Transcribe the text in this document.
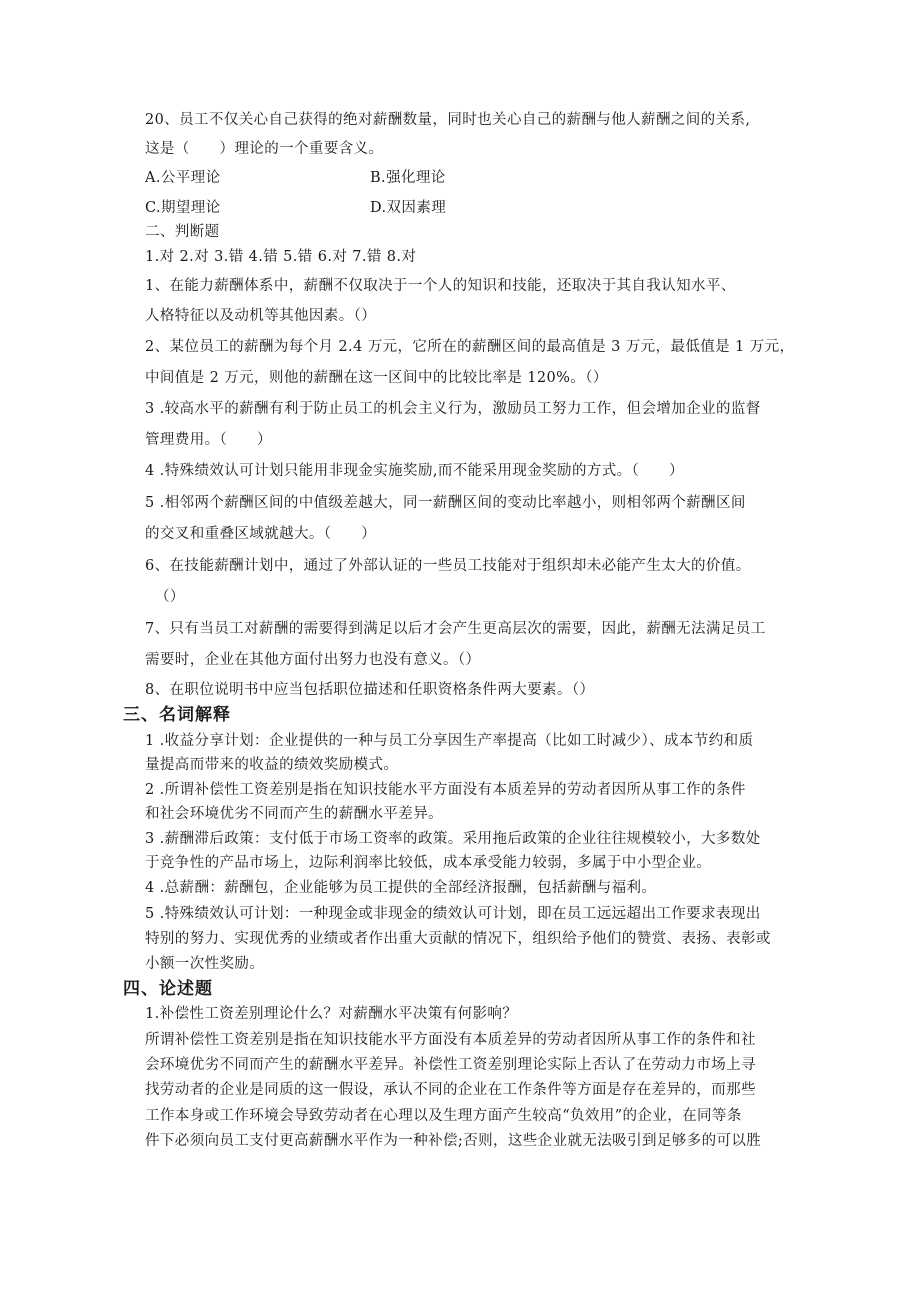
20、员工不仅关心自己获得的绝对薪酬数量，同时也关心自己的薪酬与他人薪酬之间的关系,
这是（　　）理论的一个重要含义。
A.公平理论	B.强化理论
C.期望理论	D.双因素理
二、判断题
1.对 2.对 3.错 4.错 5.错 6.对 7.错 8.对
1、在能力薪酬体系中，薪酬不仅取决于一个人的知识和技能，还取决于其自我认知水平、
人格特征以及动机等其他因素。（）
2、某位员工的薪酬为每个月 2.4 万元，它所在的薪酬区间的最高值是 3 万元，最低值是 1 万元，
中间值是 2 万元，则他的薪酬在这一区间中的比较比率是 120%。（）
3 .较高水平的薪酬有利于防止员工的机会主义行为，激励员工努力工作，但会增加企业的监督
管理费用。（　　）
4 .特殊绩效认可计划只能用非现金实施奖励,而不能采用现金奖励的方式。（　　）
5 .相邻两个薪酬区间的中值级差越大，同一薪酬区间的变动比率越小，则相邻两个薪酬区间
的交叉和重叠区域就越大。（　　）
6、在技能薪酬计划中，通过了外部认证的一些员工技能对于组织却未必能产生太大的价值。
（）
7、只有当员工对薪酬的需要得到满足以后才会产生更高层次的需要，因此，薪酬无法满足员工
需要时，企业在其他方面付出努力也没有意义。（）
8、在职位说明书中应当包括职位描述和任职资格条件两大要素。（）
三、名词解释
1 .收益分享计划：企业提供的一种与员工分享因生产率提高（比如工时减少）、成本节约和质
量提高而带来的收益的绩效奖励模式。
2 .所谓补偿性工资差别是指在知识技能水平方面没有本质差异的劳动者因所从事工作的条件
和社会环境优劣不同而产生的薪酬水平差异。
3 .薪酬滞后政策：支付低于市场工资率的政策。采用拖后政策的企业往往规模较小，大多数处
于竞争性的产品市场上，边际利润率比较低，成本承受能力较弱，多属于中小型企业。
4 .总薪酬：薪酬包，企业能够为员工提供的全部经济报酬，包括薪酬与福利。
5 .特殊绩效认可计划：一种现金或非现金的绩效认可计划，即在员工远远超出工作要求表现出
特别的努力、实现优秀的业绩或者作出重大贡献的情况下，组织给予他们的赞赏、表扬、表彰或
小额一次性奖励。
四、论述题
1.补偿性工资差别理论什么？对薪酬水平决策有何影响？
所谓补偿性工资差别是指在知识技能水平方面没有本质差异的劳动者因所从事工作的条件和社
会环境优劣不同而产生的薪酬水平差异。补偿性工资差别理论实际上否认了在劳动力市场上寻
找劳动者的企业是同质的这一假设，承认不同的企业在工作条件等方面是存在差异的，而那些
工作本身或工作环境会导致劳动者在心理以及生理方面产生较高“负效用”的企业，在同等条
件下必须向员工支付更高薪酬水平作为一种补偿;否则，这些企业就无法吸引到足够多的可以胜
